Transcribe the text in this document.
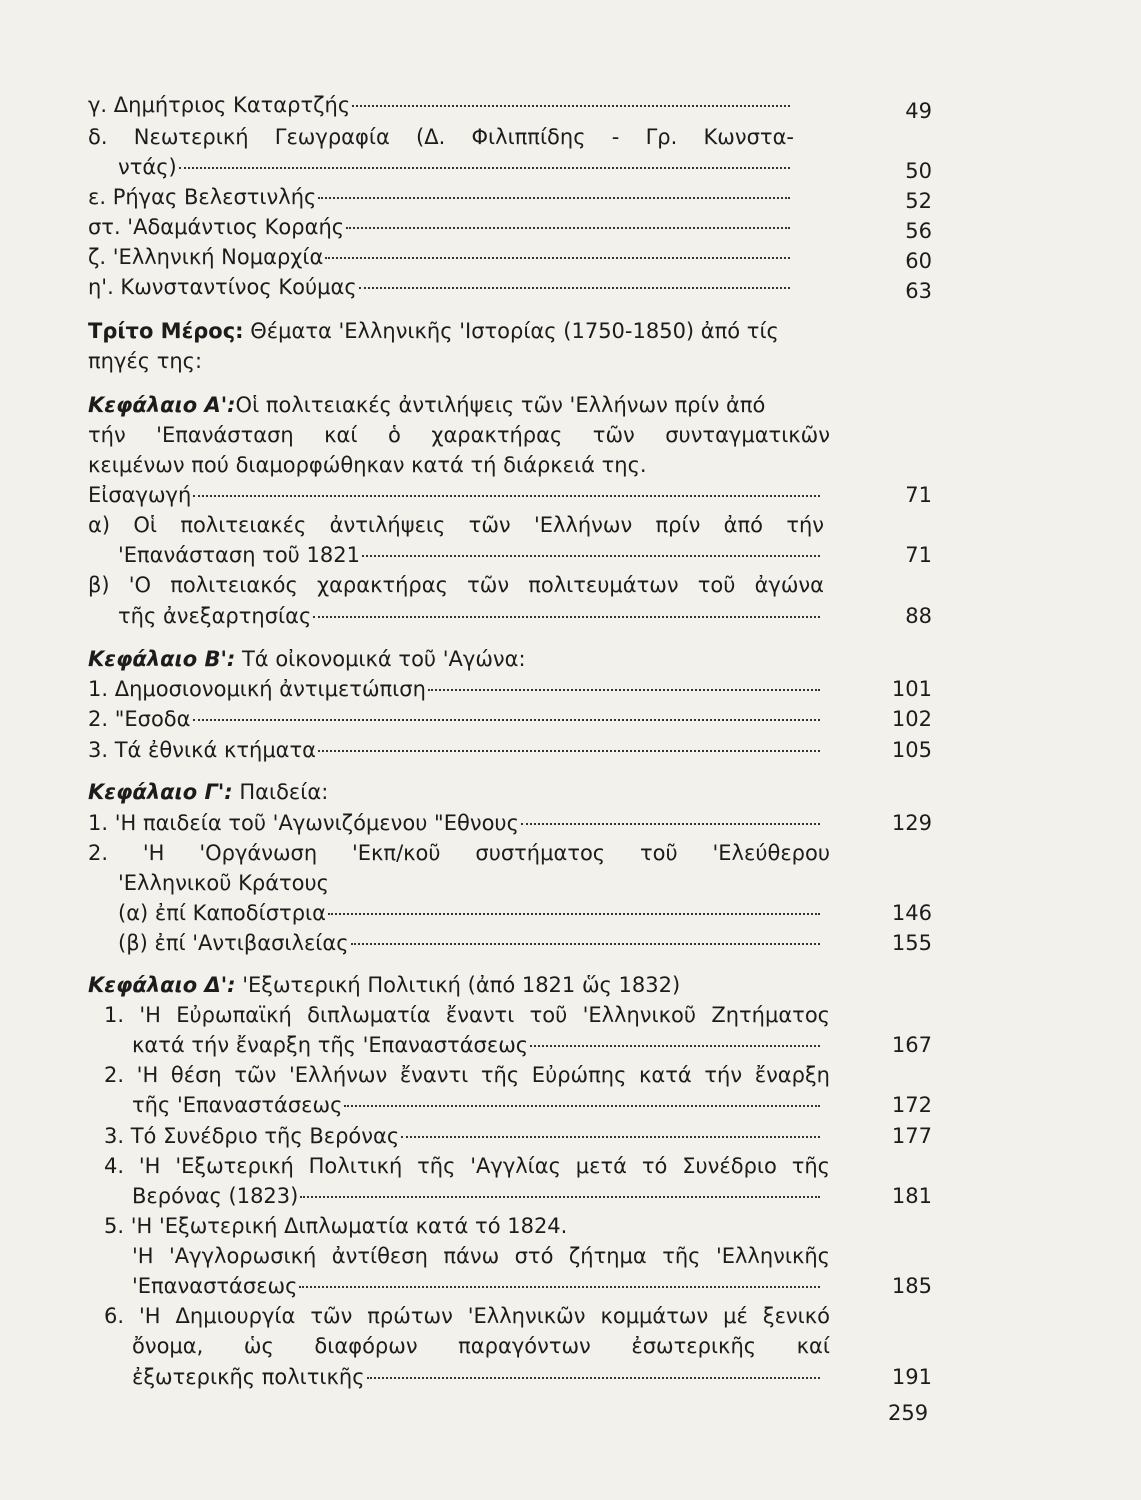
γ. Δημήτριος Καταρτζής	49
δ. Νεωτερική Γεωγραφία (Δ. Φιλιππίδης - Γρ. Κωνστα-
ντάς)	50
ε. Ρήγας Βελεστινλής	52
στ. 'Αδαμάντιος Κοραής	56
ζ. 'Ελληνική Νομαρχία	60
η'. Κωνσταντίνος Κούμας	63
Τρίτο Μέρος: Θέματα 'Ελληνικῆς 'Ιστορίας (1750-1850) ἀπό τίς
πηγές της:
Κεφάλαιο Α':Οἱ πολιτειακές ἀντιλήψεις τῶν 'Ελλήνων πρίν ἀπό
τήν 'Επανάσταση καί ὁ χαρακτήρας τῶν συνταγματικῶν
κειμένων πού διαμορφώθηκαν κατά τή διάρκειά της.
Εἰσαγωγή	71
α) Οἱ πολιτειακές ἀντιλήψεις τῶν 'Ελλήνων πρίν ἀπό τήν
'Επανάσταση τοῦ 1821	71
β) 'Ο πολιτειακός χαρακτήρας τῶν πολιτευμάτων τοῦ ἀγώνα
τῆς ἀνεξαρτησίας	88
Κεφάλαιο Β': Τά οἰκονομικά τοῦ 'Αγώνα:
1. Δημοσιονομική ἀντιμετώπιση	101
2. "Εσοδα	102
3. Τά ἐθνικά κτήματα	105
Κεφάλαιο Γ': Παιδεία:
1. 'Η παιδεία τοῦ 'Αγωνιζόμενου "Εθνους	129
2. 'Η 'Οργάνωση 'Εκπ/κοῦ συστήματος τοῦ 'Ελεύθερου
'Ελληνικοῦ Κράτους
(α) ἐπί Καποδίστρια	146
(β) ἐπί 'Αντιβασιλείας	155
Κεφάλαιο Δ': 'Εξωτερική Πολιτική (ἀπό 1821 ὥς 1832)
1. 'Η Εὐρωπαϊκή διπλωματία ἔναντι τοῦ 'Ελληνικοῦ Ζητήματος
κατά τήν ἔναρξη τῆς 'Επαναστάσεως	167
2. 'Η θέση τῶν 'Ελλήνων ἔναντι τῆς Εὐρώπης κατά τήν ἔναρξη
τῆς 'Επαναστάσεως	172
3. Τό Συνέδριο τῆς Βερόνας	177
4. 'Η 'Εξωτερική Πολιτική τῆς 'Αγγλίας μετά τό Συνέδριο τῆς
Βερόνας (1823)	181
5. 'Η 'Εξωτερική Διπλωματία κατά τό 1824.
'Η 'Αγγλορωσική ἀντίθεση πάνω στό ζήτημα τῆς 'Ελληνικῆς
'Επαναστάσεως	185
6. 'Η Δημιουργία τῶν πρώτων 'Ελληνικῶν κομμάτων μέ ξενικό
ὄνομα, ὡς διαφόρων παραγόντων ἐσωτερικῆς καί
ἐξωτερικῆς πολιτικῆς	191
259
